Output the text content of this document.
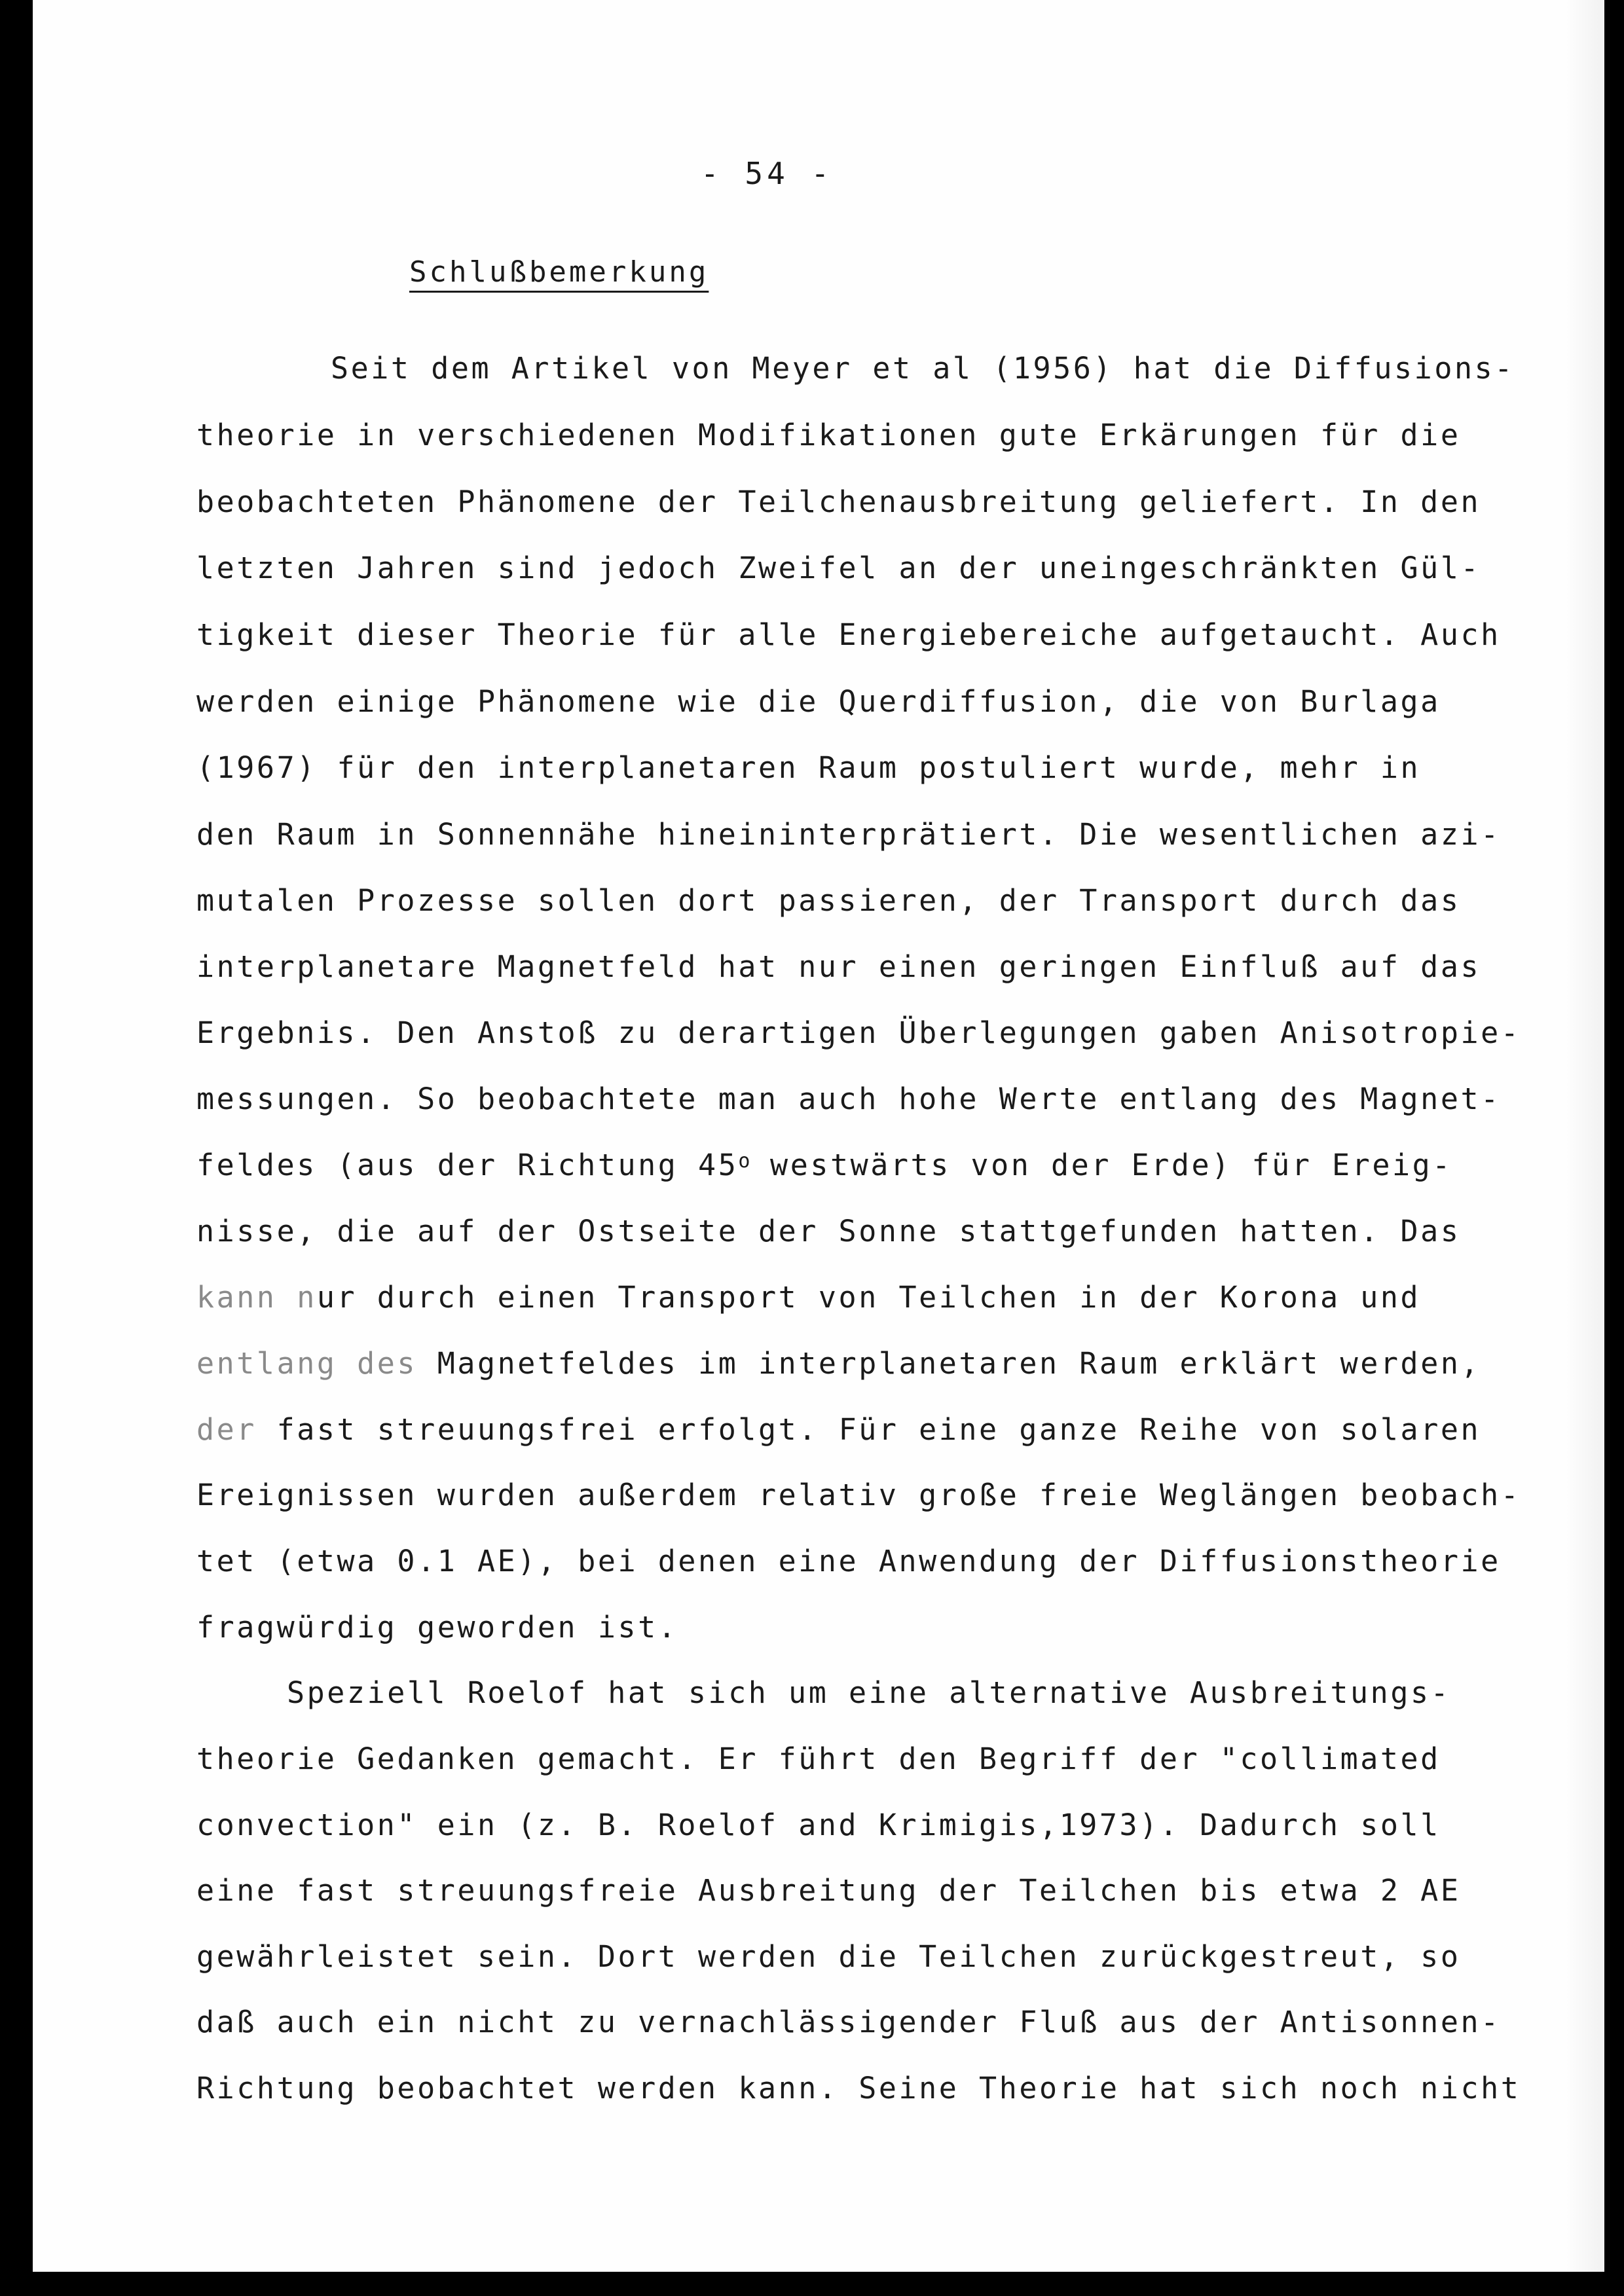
- 54 -
Schlußbemerkung
Seit dem Artikel von Meyer et al (1956) hat die Diffusions-
theorie in verschiedenen Modifikationen gute Erkärungen für die
beobachteten Phänomene der Teilchenausbreitung geliefert. In den
letzten Jahren sind jedoch Zweifel an der uneingeschränkten Gül-
tigkeit dieser Theorie für alle Energiebereiche aufgetaucht. Auch
werden einige Phänomene wie die Querdiffusion, die von Burlaga
(1967) für den interplanetaren Raum postuliert wurde, mehr in
den Raum in Sonnennähe hineininterprätiert. Die wesentlichen azi-
mutalen Prozesse sollen dort passieren, der Transport durch das
interplanetare Magnetfeld hat nur einen geringen Einfluß auf das
Ergebnis. Den Anstoß zu derartigen Überlegungen gaben Anisotropie-
messungen. So beobachtete man auch hohe Werte entlang des Magnet-
feldes (aus der Richtung 45$^o$ westwärts von der Erde) für Ereig-
nisse, die auf der Ostseite der Sonne stattgefunden hatten. Das
kann nur durch einen Transport von Teilchen in der Korona und
entlang des Magnetfeldes im interplanetaren Raum erklärt werden,
der fast streuungsfrei erfolgt. Für eine ganze Reihe von solaren
Ereignissen wurden außerdem relativ große freie Weglängen beobach-
tet (etwa 0.1 AE), bei denen eine Anwendung der Diffusionstheorie
fragwürdig geworden ist.
Speziell Roelof hat sich um eine alternative Ausbreitungs-
theorie Gedanken gemacht. Er führt den Begriff der "collimated
convection" ein (z. B. Roelof and Krimigis,1973). Dadurch soll
eine fast streuungsfreie Ausbreitung der Teilchen bis etwa 2 AE
gewährleistet sein. Dort werden die Teilchen zurückgestreut, so
daß auch ein nicht zu vernachlässigender Fluß aus der Antisonnen-
Richtung beobachtet werden kann. Seine Theorie hat sich noch nicht
